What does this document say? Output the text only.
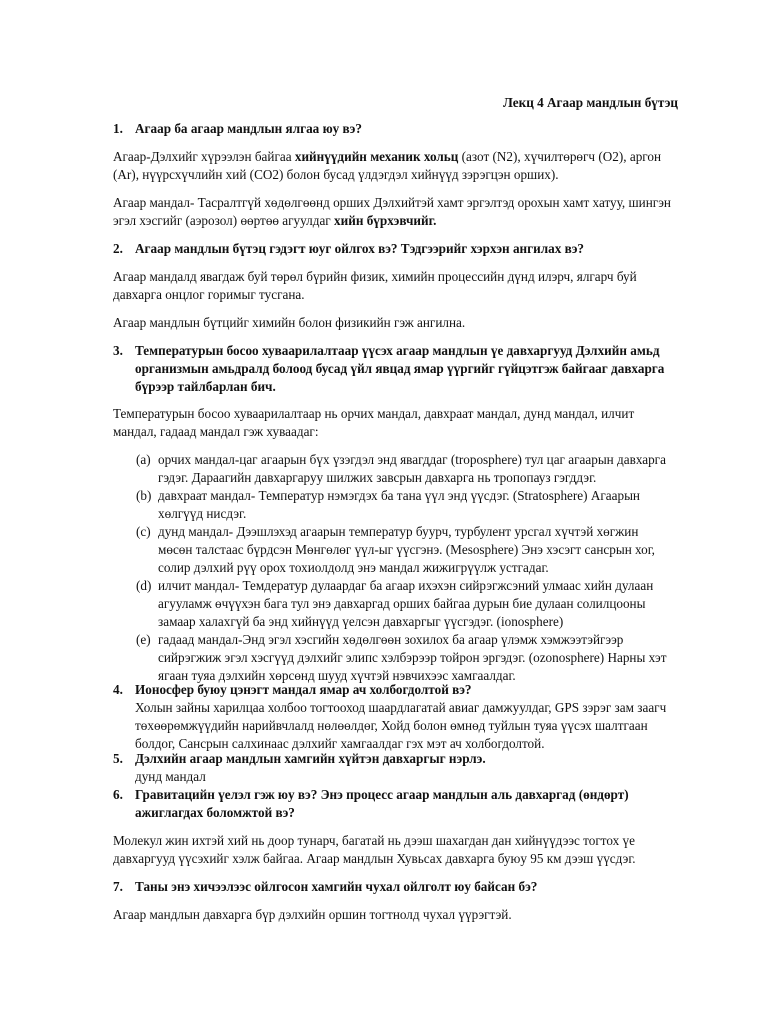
Лекц 4 Агаар мандлын бүтэц
1. Агаар ба агаар мандлын ялгаа юу вэ?

Агаар-Дэлхийг хүрээлэн байгаа хийнүүдийн механик хольц (азот (N2), хүчилтөрөгч (O2), аргон (Ar), нүүрсхүчлийн хий (CO2) болон бусад үлдэгдэл хийнүүд зэрэгцэн орших).

Агаар мандал- Тасралтгүй хөдөлгөөнд орших Дэлхийтэй хамт эргэлтэд орохын хамт хатуу, шингэн эгэл хэсгийг (аэрозол) өөртөө агуулдаг хийн бүрхэвчийг.

2. Агаар мандлын бүтэц гэдэгт юуг ойлгох вэ? Тэдгээрийг хэрхэн ангилах вэ?

Агаар мандалд явагдаж буй төрөл бүрийн физик, химийн процессийн дүнд илэрч, ялгарч буй давхарга онцлог горимыг тусгана.

Агаар мандлын бүтцийг химийн болон физикийн гэж ангилна.

3. Температурын босоо хуваарилалтаар үүсэх агаар мандлын үе давхаргууд Дэлхийн амьд организмын амьдралд болоод бусад үйл явцад ямар үүргийг гүйцэтгэж байгааг давхарга бүрээр тайлбарлан бич.

Температурын босоо хуваарилалтаар нь орчих мандал, давхраат мандал, дунд мандал, илчит мандал, гадаад мандал гэж хуваадаг:

(a) орчих мандал-цаг агаарын бүх үзэгдэл энд явагддаг (troposphere) тул цаг агаарын давхарга гэдэг. Дараагийн давхаргаруу шилжих завсрын давхарга нь тропопауз гэгддэг.
(b) давхраат мандал- Температур нэмэгдэх ба тана үүл энд үүсдэг. (Stratosphere) Агаарын хөлгүүд нисдэг.
(c) дунд мандал- Дээшлэхэд агаарын температур буурч, турбулент урсгал хүчтэй хөгжин мөсөн талстаас бүрдсэн Мөнгөлөг үүл-ыг үүсгэнэ. (Mesosphere) Энэ хэсэгт сансрын хог, солир дэлхий рүү орох тохиолдолд энэ мандал жижигрүүлж устгадаг.
(d) илчит мандал- Темдератур дулаардаг ба агаар ихэхэн сийрэгжсэний улмаас хийн дулаан агууламж өчүүхэн бага тул энэ давхаргад орших байгаа дурын бие дулаан солилцооны замаар халахгүй ба энд хийнүүд үелсэн давхаргыг үүсгэдэг. (ionosphere)
(e) гадаад мандал-Энд эгэл хэсгийн хөдөлгөөн зохилох ба агаар үлэмж хэмжээтэйгээр сийрэгжиж эгэл хэсгүүд дэлхийг элипс хэлбэрээр тойрон эргэдэг. (ozonosphere) Нарны хэт ягаан туяа дэлхийн хөрсөнд шууд хүчтэй нэвчихээс хамгаалдаг.
4. Ионосфер буюу цэнэгт мандал ямар ач холбогдолтой вэ?
Холын зайны харилцаа холбоо тогтооход шаардлагатай авиаг дамжуулдаг, GPS зэрэг зам заагч төхөөрөмжүүдийн нарийвчлалд нөлөөлдөг, Хойд болон өмнөд туйлын туяа үүсэх шалтгаан болдог, Сансрын салхинаас дэлхийг хамгаалдаг гэх мэт ач холбогдолтой.
5. Дэлхийн агаар мандлын хамгийн хүйтэн давхаргыг нэрлэ.
дунд мандал
6. Гравитацийн үелэл гэж юу вэ? Энэ процесс агаар мандлын аль давхаргад (өндөрт) ажиглагдах боломжтой вэ?

Молекул жин ихтэй хий нь доор тунарч, багатай нь дээш шахагдан дан хийнүүдээс тогтох үе давхаргууд үүсэхийг хэлж байгаа. Агаар мандлын Хувьсах давхарга буюу 95 км дээш үүсдэг.

7. Таны энэ хичээлээс ойлгосон хамгийн чухал ойлголт юу байсан бэ?

Агаар мандлын давхарга бүр дэлхийн оршин тогтнолд чухал үүрэгтэй.
